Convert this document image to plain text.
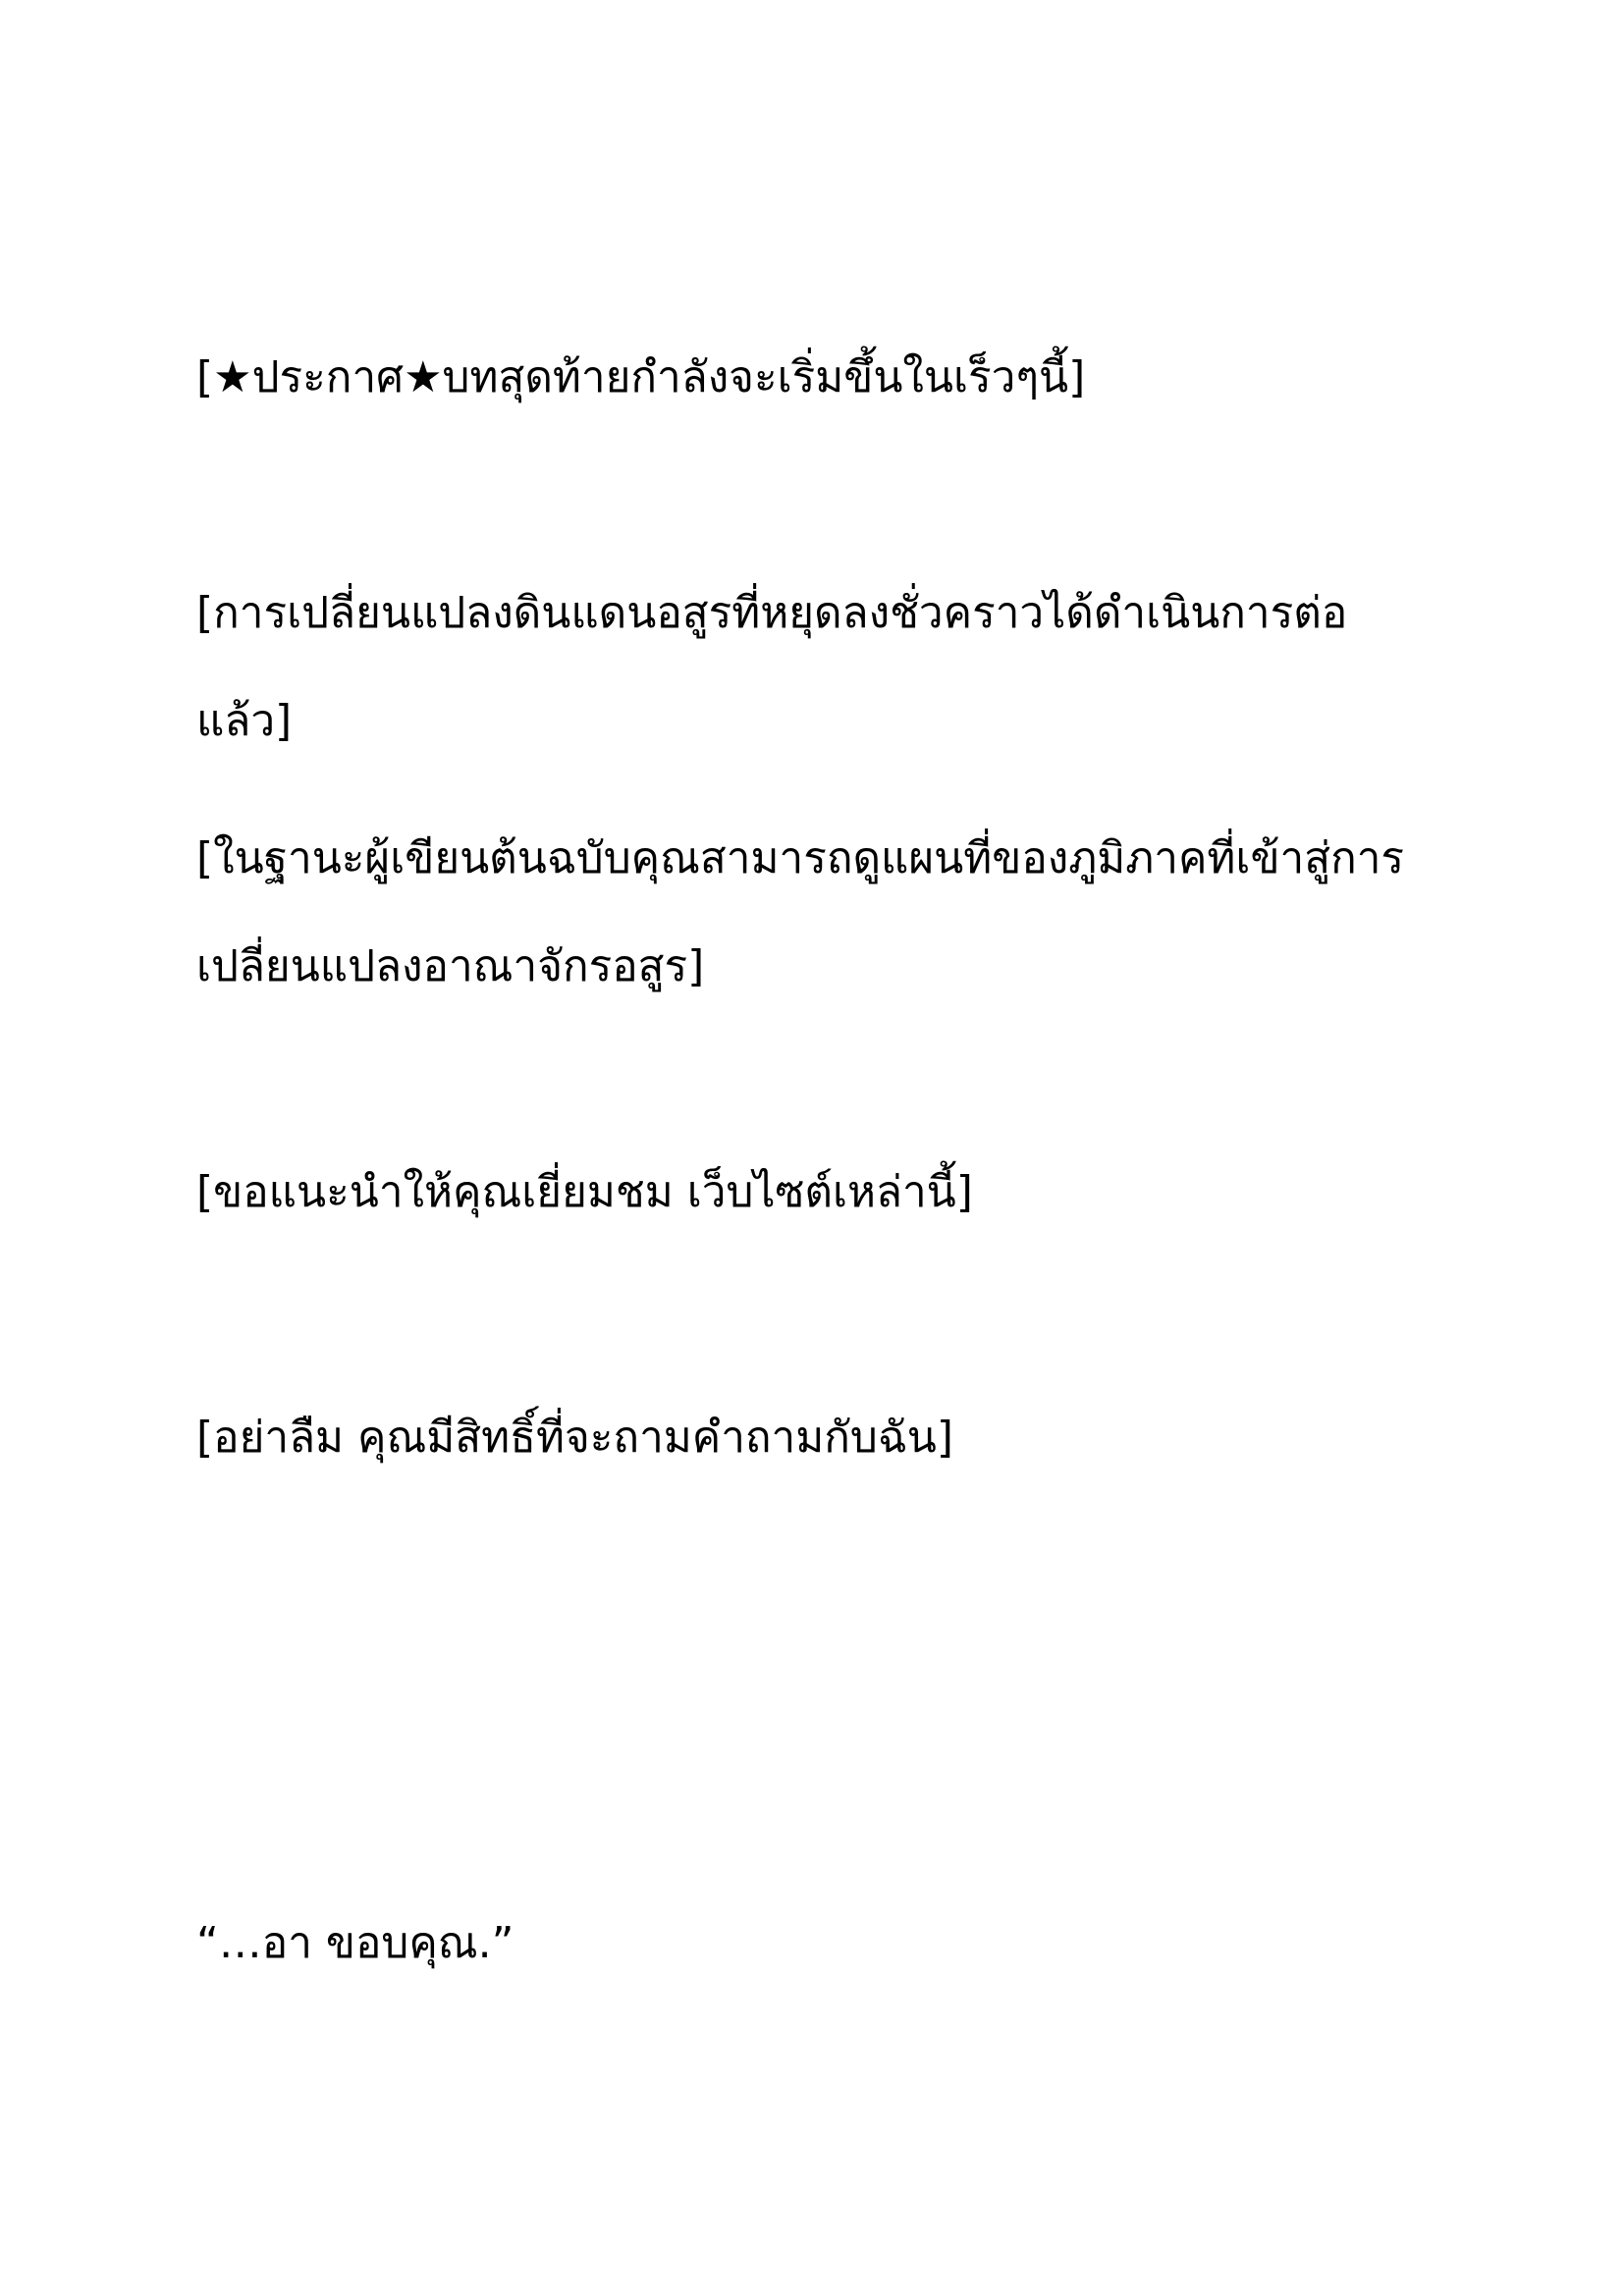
[★ประกาศ★บทสุดท้ายกำลังจะเริ่มขึ้นในเร็วๆนี้]

[การเปลี่ยนแปลงดินแดนอสูรที่หยุดลงชั่วคราวได้ดำเนินการต่อแล้ว]

[ในฐานะผู้เขียนต้นฉบับคุณสามารถดูแผนที่ของภูมิภาคที่เข้าสู่การเปลี่ยนแปลงอาณาจักรอสูร]

[ขอแนะนำให้คุณเยี่ยมชม เว็บไซต์เหล่านี้]

[อย่าลืม คุณมีสิทธิ์ที่จะถามคำถามกับฉัน]

“…อา ขอบคุณ.”
